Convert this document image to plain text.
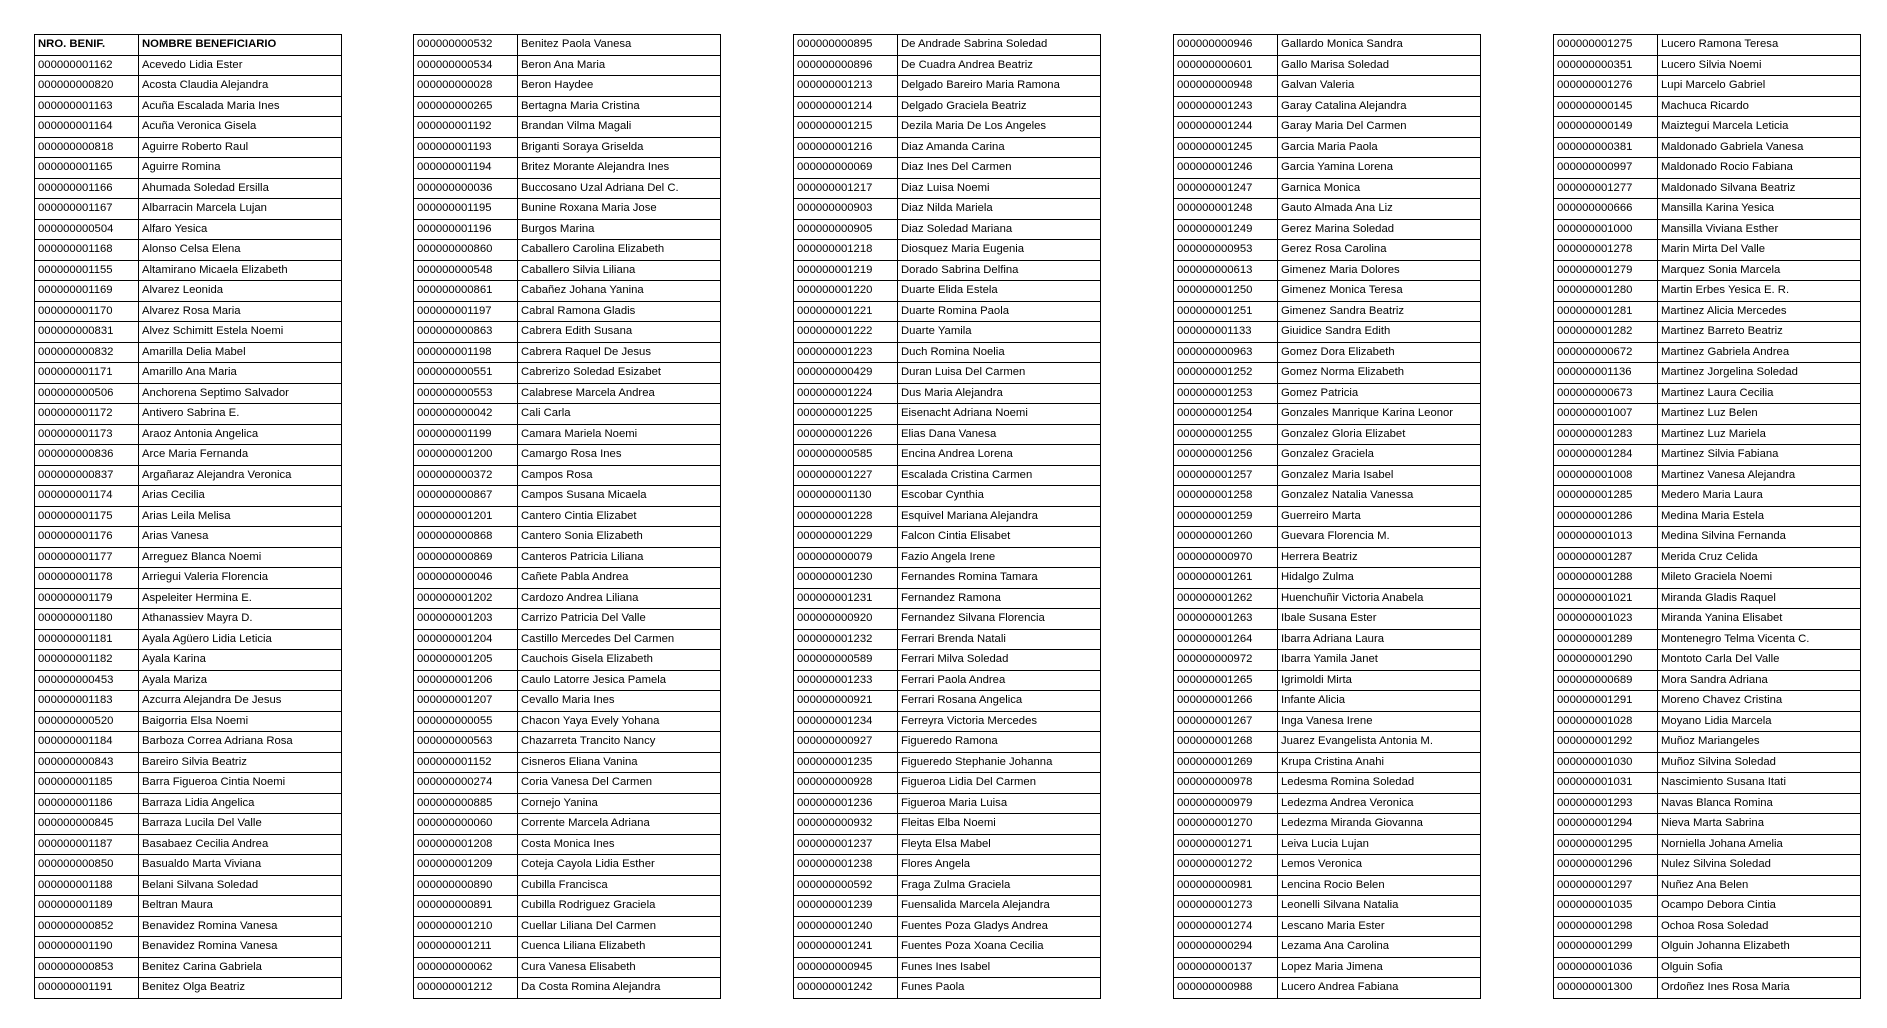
NRO. BENIF.	NOMBRE BENEFICIARIO
000000001162	Acevedo Lidia Ester
000000000820	Acosta Claudia Alejandra
000000001163	Acuña Escalada Maria Ines
000000001164	Acuña Veronica Gisela
000000000818	Aguirre Roberto Raul
000000001165	Aguirre Romina
000000001166	Ahumada Soledad Ersilla
000000001167	Albarracin Marcela Lujan
000000000504	Alfaro Yesica
000000001168	Alonso Celsa Elena
000000001155	Altamirano Micaela Elizabeth
000000001169	Alvarez Leonida
000000001170	Alvarez Rosa Maria
000000000831	Alvez Schimitt Estela Noemi
000000000832	Amarilla Delia Mabel
000000001171	Amarillo Ana Maria
000000000506	Anchorena Septimo Salvador
000000001172	Antivero Sabrina E.
000000001173	Araoz Antonia Angelica
000000000836	Arce Maria Fernanda
000000000837	Argañaraz Alejandra Veronica
000000001174	Arias Cecilia
000000001175	Arias Leila Melisa
000000001176	Arias Vanesa
000000001177	Arreguez Blanca Noemi
000000001178	Arriegui Valeria Florencia
000000001179	Aspeleiter Hermina E.
000000001180	Athanassiev Mayra D.
000000001181	Ayala Agüero Lidia Leticia
000000001182	Ayala Karina
000000000453	Ayala Mariza
000000001183	Azcurra Alejandra De Jesus
000000000520	Baigorria Elsa Noemi
000000001184	Barboza Correa Adriana Rosa
000000000843	Bareiro Silvia Beatriz
000000001185	Barra Figueroa Cintia Noemi
000000001186	Barraza Lidia Angelica
000000000845	Barraza Lucila Del Valle
000000001187	Basabaez Cecilia Andrea
000000000850	Basualdo Marta Viviana
000000001188	Belani Silvana Soledad
000000001189	Beltran Maura
000000000852	Benavidez Romina Vanesa
000000001190	Benavidez Romina Vanesa
000000000853	Benitez Carina Gabriela
000000001191	Benitez Olga Beatriz
000000000532	Benitez Paola Vanesa
000000000534	Beron Ana Maria
000000000028	Beron Haydee
000000000265	Bertagna Maria Cristina
000000001192	Brandan Vilma Magali
000000001193	Briganti Soraya Griselda
000000001194	Britez Morante Alejandra Ines
000000000036	Buccosano Uzal Adriana Del C.
000000001195	Bunine Roxana Maria Jose
000000001196	Burgos Marina
000000000860	Caballero Carolina Elizabeth
000000000548	Caballero Silvia Liliana
000000000861	Cabañez Johana Yanina
000000001197	Cabral Ramona Gladis
000000000863	Cabrera Edith Susana
000000001198	Cabrera Raquel De Jesus
000000000551	Cabrerizo Soledad Esizabet
000000000553	Calabrese Marcela Andrea
000000000042	Cali Carla
000000001199	Camara Mariela Noemi
000000001200	Camargo Rosa Ines
000000000372	Campos Rosa
000000000867	Campos Susana Micaela
000000001201	Cantero Cintia Elizabet
000000000868	Cantero Sonia Elizabeth
000000000869	Canteros Patricia Liliana
000000000046	Cañete Pabla Andrea
000000001202	Cardozo Andrea Liliana
000000001203	Carrizo Patricia Del Valle
000000001204	Castillo Mercedes Del Carmen
000000001205	Cauchois Gisela Elizabeth
000000001206	Caulo Latorre Jesica Pamela
000000001207	Cevallo Maria Ines
000000000055	Chacon Yaya Evely Yohana
000000000563	Chazarreta Trancito Nancy
000000001152	Cisneros Eliana Vanina
000000000274	Coria Vanesa Del Carmen
000000000885	Cornejo Yanina
000000000060	Corrente Marcela Adriana
000000001208	Costa Monica Ines
000000001209	Coteja Cayola Lidia Esther
000000000890	Cubilla Francisca
000000000891	Cubilla Rodriguez Graciela
000000001210	Cuellar Liliana Del Carmen
000000001211	Cuenca Liliana Elizabeth
000000000062	Cura Vanesa Elisabeth
000000001212	Da Costa Romina Alejandra
000000000895	De Andrade Sabrina Soledad
000000000896	De Cuadra Andrea Beatriz
000000001213	Delgado Bareiro Maria Ramona
000000001214	Delgado Graciela Beatriz
000000001215	Dezila Maria De Los Angeles
000000001216	Diaz Amanda Carina
000000000069	Diaz Ines Del Carmen
000000001217	Diaz Luisa Noemi
000000000903	Diaz Nilda Mariela
000000000905	Diaz Soledad Mariana
000000001218	Diosquez Maria Eugenia
000000001219	Dorado Sabrina Delfina
000000001220	Duarte Elida Estela
000000001221	Duarte Romina Paola
000000001222	Duarte Yamila
000000001223	Duch Romina Noelia
000000000429	Duran Luisa Del Carmen
000000001224	Dus Maria Alejandra
000000001225	Eisenacht Adriana Noemi
000000001226	Elias Dana Vanesa
000000000585	Encina Andrea Lorena
000000001227	Escalada Cristina Carmen
000000001130	Escobar Cynthia
000000001228	Esquivel Mariana Alejandra
000000001229	Falcon Cintia Elisabet
000000000079	Fazio Angela Irene
000000001230	Fernandes Romina Tamara
000000001231	Fernandez Ramona
000000000920	Fernandez Silvana Florencia
000000001232	Ferrari Brenda Natali
000000000589	Ferrari Milva Soledad
000000001233	Ferrari Paola Andrea
000000000921	Ferrari Rosana Angelica
000000001234	Ferreyra Victoria Mercedes
000000000927	Figueredo Ramona
000000001235	Figueredo Stephanie Johanna
000000000928	Figueroa Lidia Del Carmen
000000001236	Figueroa Maria Luisa
000000000932	Fleitas Elba Noemi
000000001237	Fleyta Elsa Mabel
000000001238	Flores Angela
000000000592	Fraga Zulma Graciela
000000001239	Fuensalida Marcela Alejandra
000000001240	Fuentes Poza Gladys Andrea
000000001241	Fuentes Poza Xoana Cecilia
000000000945	Funes Ines Isabel
000000001242	Funes Paola
000000000946	Gallardo Monica Sandra
000000000601	Gallo Marisa Soledad
000000000948	Galvan Valeria
000000001243	Garay Catalina Alejandra
000000001244	Garay Maria Del Carmen
000000001245	Garcia Maria Paola
000000001246	Garcia Yamina Lorena
000000001247	Garnica Monica
000000001248	Gauto Almada Ana Liz
000000001249	Gerez Marina Soledad
000000000953	Gerez Rosa Carolina
000000000613	Gimenez Maria Dolores
000000001250	Gimenez Monica Teresa
000000001251	Gimenez Sandra Beatriz
000000001133	Giuidice Sandra Edith
000000000963	Gomez Dora Elizabeth
000000001252	Gomez Norma Elizabeth
000000001253	Gomez Patricia
000000001254	Gonzales Manrique Karina Leonor
000000001255	Gonzalez Gloria Elizabet
000000001256	Gonzalez Graciela
000000001257	Gonzalez Maria Isabel
000000001258	Gonzalez Natalia Vanessa
000000001259	Guerreiro Marta
000000001260	Guevara Florencia M.
000000000970	Herrera Beatriz
000000001261	Hidalgo Zulma
000000001262	Huenchuñir Victoria Anabela
000000001263	Ibale Susana Ester
000000001264	Ibarra Adriana Laura
000000000972	Ibarra Yamila Janet
000000001265	Igrimoldi Mirta
000000001266	Infante Alicia
000000001267	Inga Vanesa Irene
000000001268	Juarez Evangelista Antonia M.
000000001269	Krupa Cristina Anahi
000000000978	Ledesma Romina Soledad
000000000979	Ledezma Andrea Veronica
000000001270	Ledezma Miranda Giovanna
000000001271	Leiva Lucia Lujan
000000001272	Lemos Veronica
000000000981	Lencina Rocio Belen
000000001273	Leonelli Silvana Natalia
000000001274	Lescano Maria Ester
000000000294	Lezama Ana Carolina
000000000137	Lopez Maria Jimena
000000000988	Lucero Andrea Fabiana
000000001275	Lucero Ramona Teresa
000000000351	Lucero Silvia Noemi
000000001276	Lupi Marcelo Gabriel
000000000145	Machuca Ricardo
000000000149	Maiztegui Marcela Leticia
000000000381	Maldonado Gabriela Vanesa
000000000997	Maldonado Rocio Fabiana
000000001277	Maldonado Silvana Beatriz
000000000666	Mansilla Karina Yesica
000000001000	Mansilla Viviana Esther
000000001278	Marin Mirta Del Valle
000000001279	Marquez Sonia Marcela
000000001280	Martin Erbes Yesica E. R.
000000001281	Martinez Alicia Mercedes
000000001282	Martinez Barreto Beatriz
000000000672	Martinez Gabriela Andrea
000000001136	Martinez Jorgelina Soledad
000000000673	Martinez Laura Cecilia
000000001007	Martinez Luz Belen
000000001283	Martinez Luz Mariela
000000001284	Martinez Silvia Fabiana
000000001008	Martinez Vanesa Alejandra
000000001285	Medero Maria Laura
000000001286	Medina Maria Estela
000000001013	Medina Silvina Fernanda
000000001287	Merida Cruz Celida
000000001288	Mileto Graciela Noemi
000000001021	Miranda Gladis Raquel
000000001023	Miranda Yanina Elisabet
000000001289	Montenegro Telma Vicenta C.
000000001290	Montoto Carla Del Valle
000000000689	Mora Sandra Adriana
000000001291	Moreno Chavez Cristina
000000001028	Moyano Lidia Marcela
000000001292	Muñoz Mariangeles
000000001030	Muñoz Silvina Soledad
000000001031	Nascimiento Susana Itati
000000001293	Navas Blanca Romina
000000001294	Nieva Marta Sabrina
000000001295	Norniella Johana Amelia
000000001296	Nulez Silvina Soledad
000000001297	Nuñez Ana Belen
000000001035	Ocampo Debora Cintia
000000001298	Ochoa Rosa Soledad
000000001299	Olguin Johanna Elizabeth
000000001036	Olguin Sofia
000000001300	Ordoñez Ines Rosa Maria
